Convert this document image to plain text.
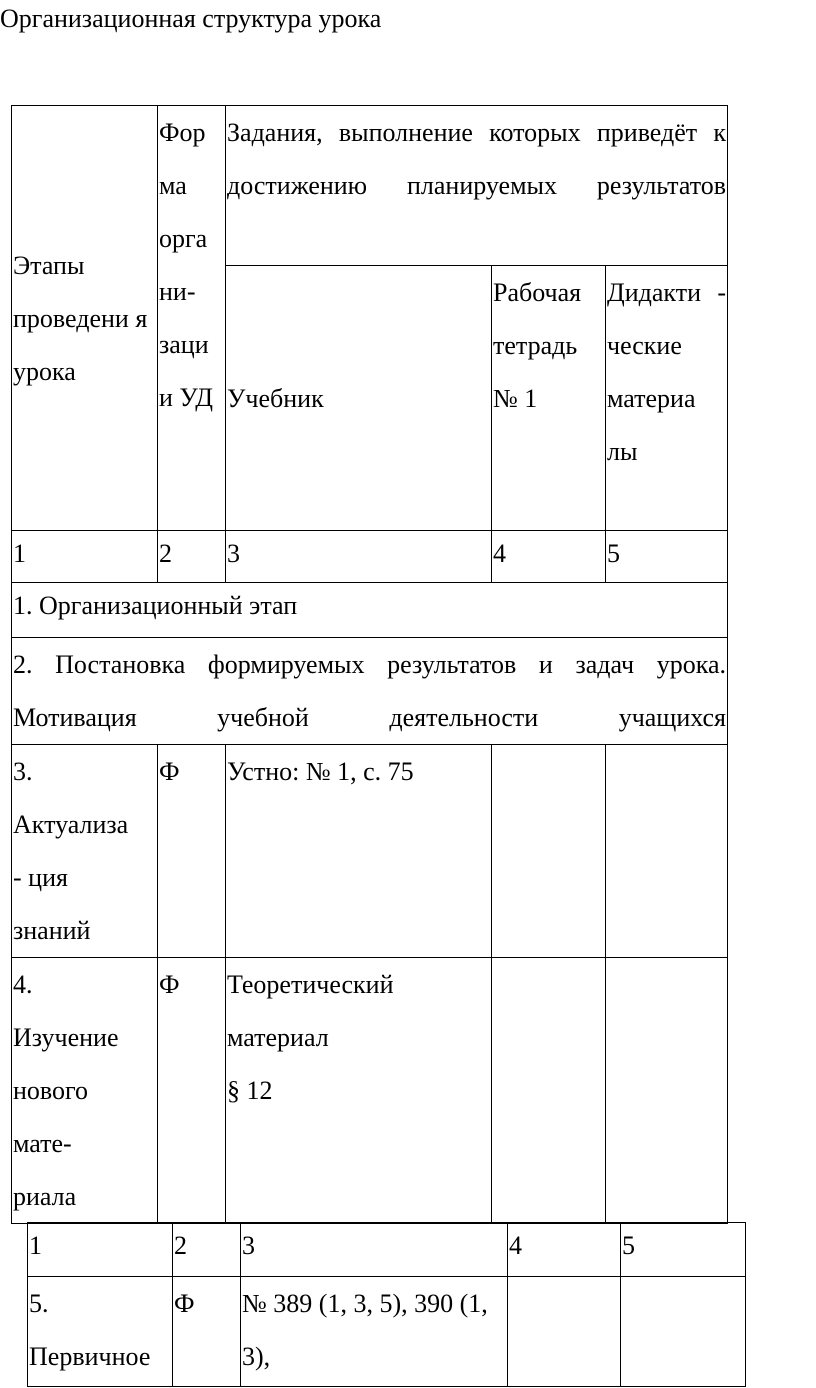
Организационная структура урока
Этапы проведени я урока	Фор ма орга ни- заци и УД	Задания, выполнение которых приведёт к достижению планируемых результатов		
		Учебник	Рабочая тетрадь № 1	Дидакти - ческие материа лы
1	2	3	4	5
1. Организационный этап				
2. Постановка формируемых результатов и задач урока. Мотивация учебной деятельности учащихся				
3.
Актуализа
- ция
знаний	Ф	Устно: № 1, с. 75		
4.
Изучение
нового
мате-
риала	Ф	Теоретический
материал
§ 12		
1	2	3	4	5
5.
Первичное	Ф	№ 389 (1, 3, 5), 390 (1, 3),		
